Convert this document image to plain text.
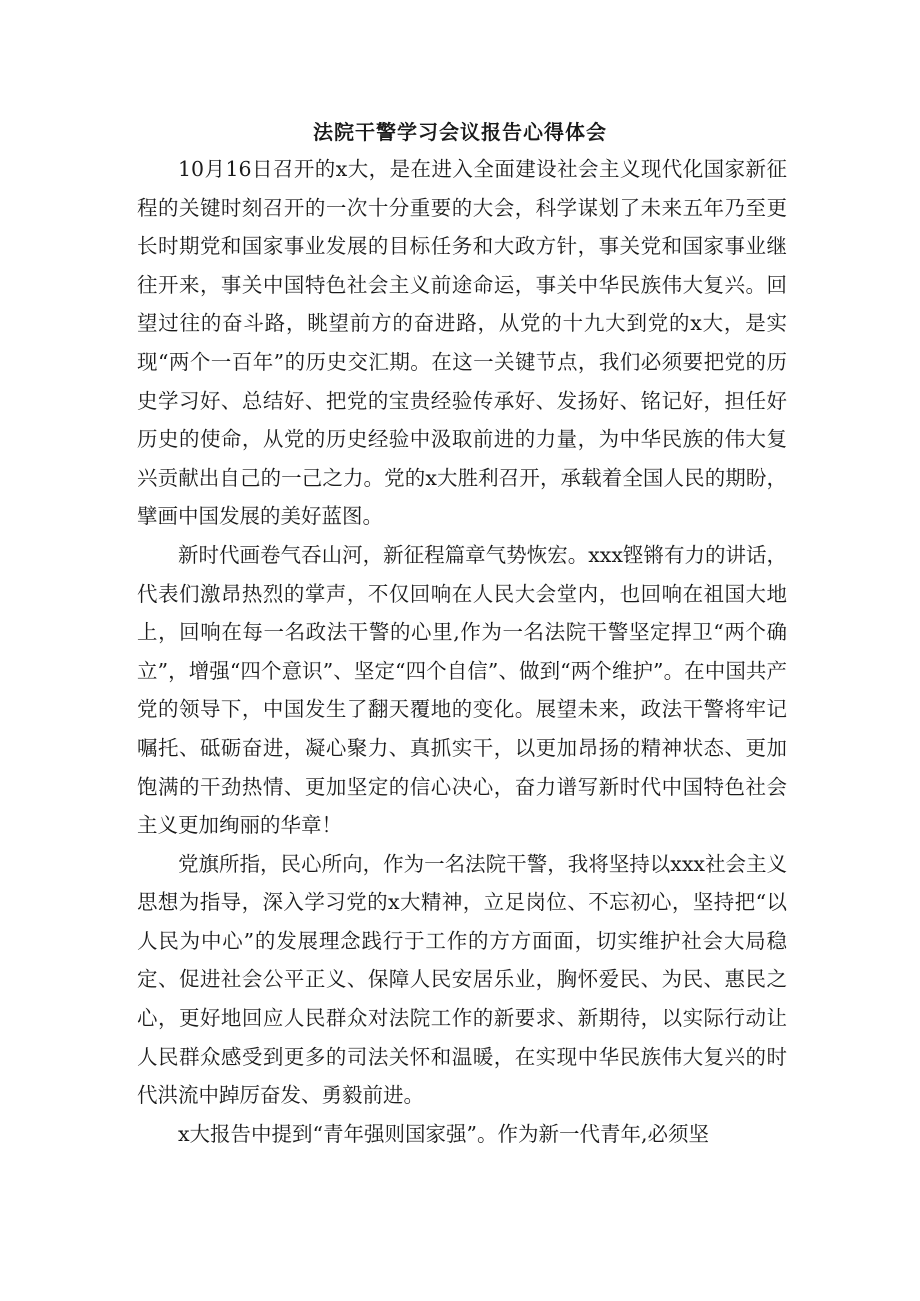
法院干警学习会议报告心得体会

10月16日召开的x大，是在进入全面建设社会主义现代化国家新征程的关键时刻召开的一次十分重要的大会，科学谋划了未来五年乃至更长时期党和国家事业发展的目标任务和大政方针，事关党和国家事业继往开来，事关中国特色社会主义前途命运，事关中华民族伟大复兴。回望过往的奋斗路，眺望前方的奋进路，从党的十九大到党的x大，是实现“两个一百年”的历史交汇期。在这一关键节点，我们必须要把党的历史学习好、总结好、把党的宝贵经验传承好、发扬好、铭记好，担任好历史的使命，从党的历史经验中汲取前进的力量，为中华民族的伟大复兴贡献出自己的一己之力。党的x大胜利召开，承载着全国人民的期盼，擘画中国发展的美好蓝图。

新时代画卷气吞山河，新征程篇章气势恢宏。xxx铿锵有力的讲话，代表们激昂热烈的掌声，不仅回响在人民大会堂内，也回响在祖国大地上，回响在每一名政法干警的心里,作为一名法院干警坚定捍卫“两个确立”，增强“四个意识”、坚定“四个自信”、做到“两个维护”。在中国共产党的领导下，中国发生了翻天覆地的变化。展望未来，政法干警将牢记嘱托、砥砺奋进，凝心聚力、真抓实干，以更加昂扬的精神状态、更加饱满的干劲热情、更加坚定的信心决心，奋力谱写新时代中国特色社会主义更加绚丽的华章！

党旗所指，民心所向，作为一名法院干警，我将坚持以xxx社会主义思想为指导，深入学习党的x大精神，立足岗位、不忘初心，坚持把“以人民为中心”的发展理念践行于工作的方方面面，切实维护社会大局稳定、促进社会公平正义、保障人民安居乐业，胸怀爱民、为民、惠民之心，更好地回应人民群众对法院工作的新要求、新期待，以实际行动让人民群众感受到更多的司法关怀和温暖，在实现中华民族伟大复兴的时代洪流中踔厉奋发、勇毅前进。

x大报告中提到“青年强则国家强”。作为新一代青年,必须坚
